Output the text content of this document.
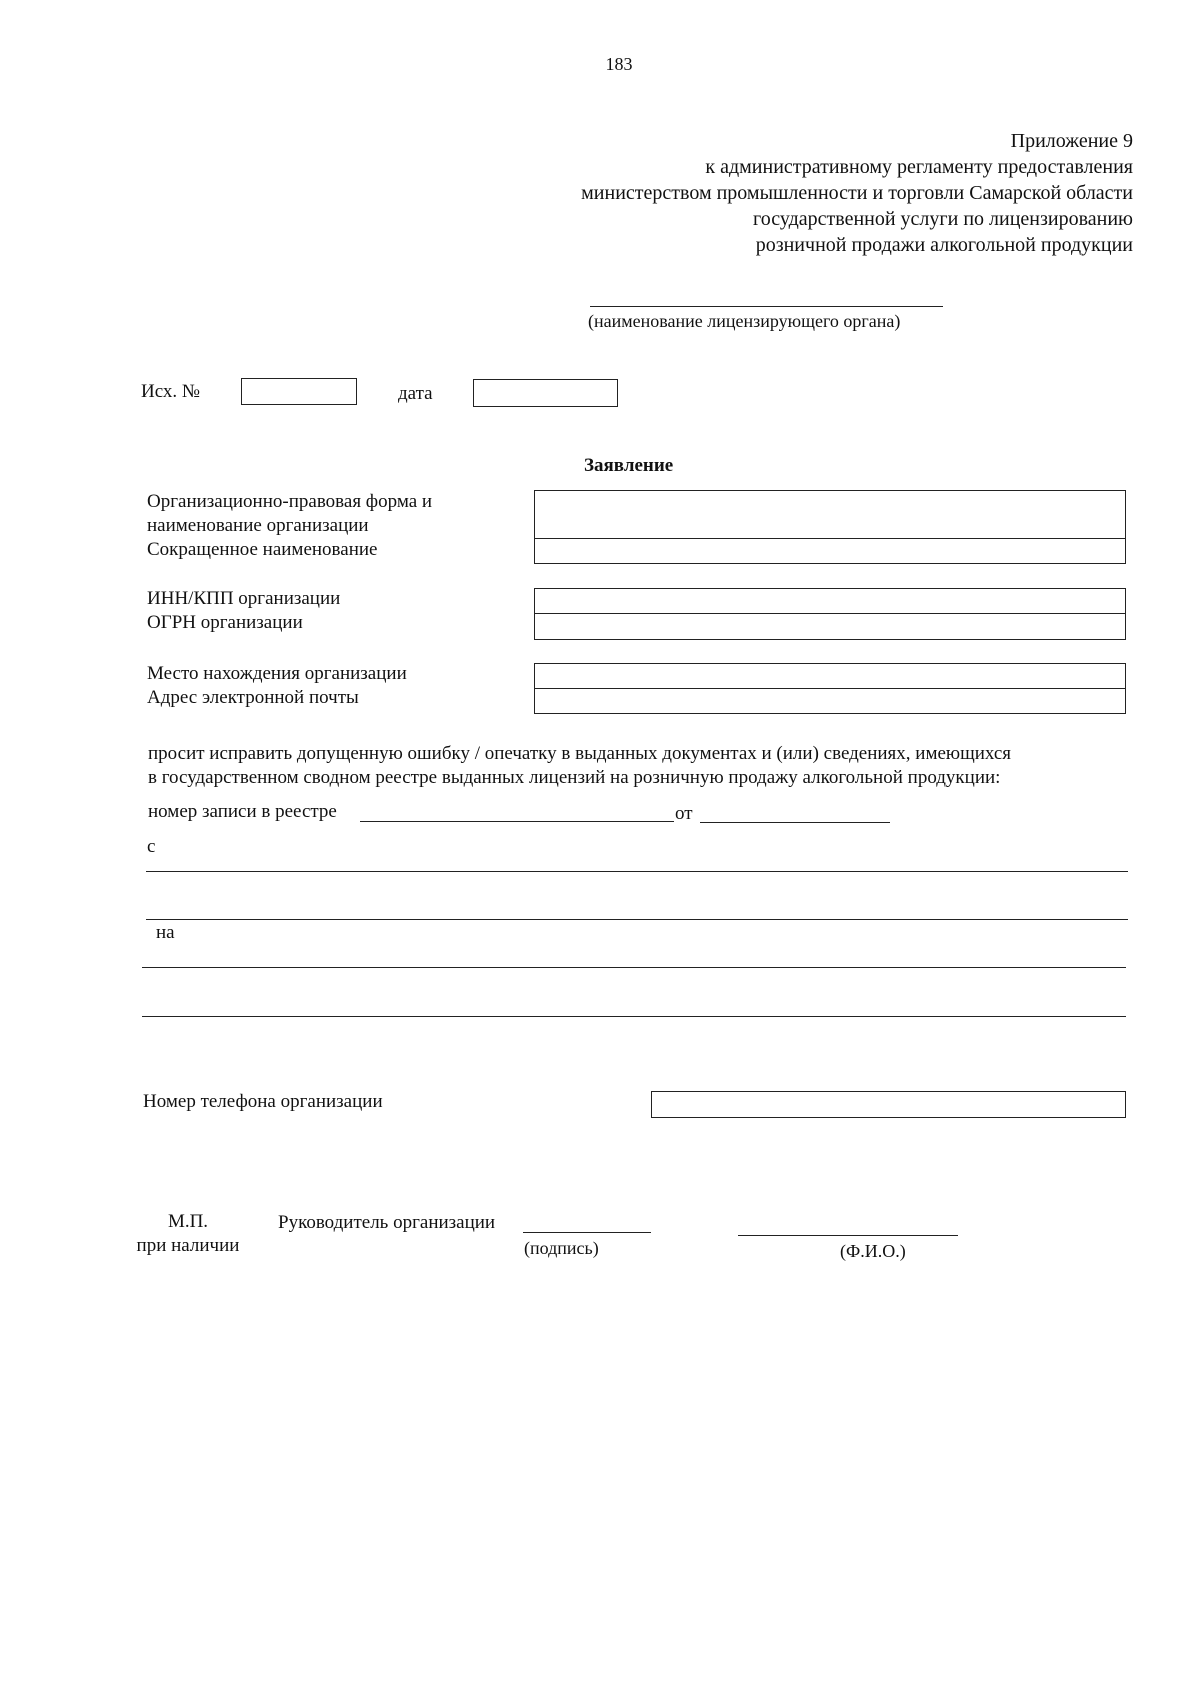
183
Приложение 9
к административному регламенту предоставления
министерством промышленности и торговли Самарской области
государственной услуги по лицензированию
розничной продажи алкогольной продукции
(наименование лицензирующего органа)
Исх. №	дата
Заявление
Организационно-правовая форма и
наименование организации
Сокращенное наименование
ИНН/КПП организации
ОГРН организации
Место нахождения организации
Адрес электронной почты
просит исправить допущенную ошибку / опечатку в выданных документах и (или) сведениях, имеющихся
в государственном сводном реестре выданных лицензий на розничную продажу алкогольной продукции:
номер записи в реестре	от
с
на
Номер телефона организации
М.П.
при наличии
Руководитель организации
(подпись)	(Ф.И.О.)
